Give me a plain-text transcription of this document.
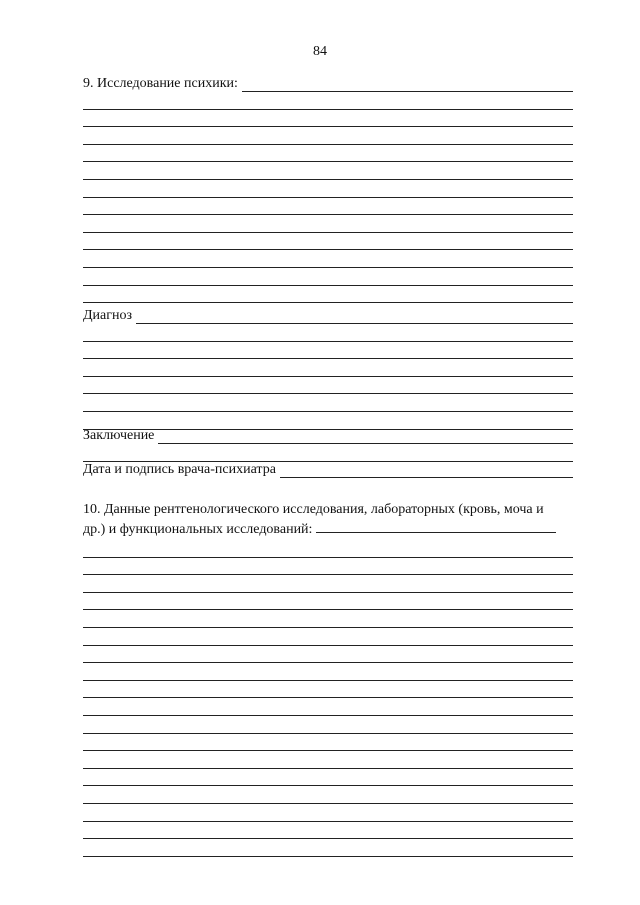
84
9. Исследование психики:
Диагноз
Заключение
Дата и подпись врача-психиатра
10. Данные рентгенологического исследования, лабораторных (кровь, моча и
др.) и функциональных исследований:
